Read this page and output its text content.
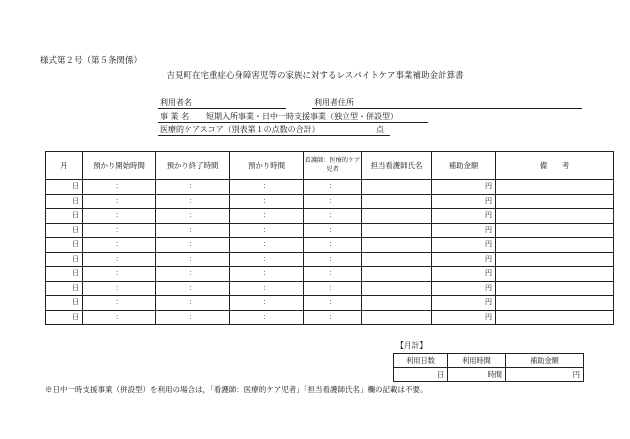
様式第２号（第５条関係）
吉見町在宅重症心身障害児等の家族に対するレスパイトケア事業補助金計算書
利用者名	利用者住所
事 業 名 短期入所事業・日中一時支援事業（独立型・併設型）
医療的ケアスコア（別表第１の点数の合計）	点
月	預かり開始時間	預かり終了時間	預かり時間	看護師：医療的ケア児者	担当看護師氏名	補助金額	備　　考
日	：	：	：	：		円	
日	：	：	：	：		円	
日	：	：	：	：		円	
日	：	：	：	：		円	
日	：	：	：	：		円	
日	：	：	：	：		円	
日	：	：	：	：		円	
日	：	：	：	：		円	
日	：	：	：	：		円	
日	：	：	：	：		円	
【月計】
利用日数	利用時間	補助金額
日	時間	円
※日中一時支援事業（併設型）を利用の場合は，「看護師：医療的ケア児者」「担当看護師氏名」欄の記載は不要。
